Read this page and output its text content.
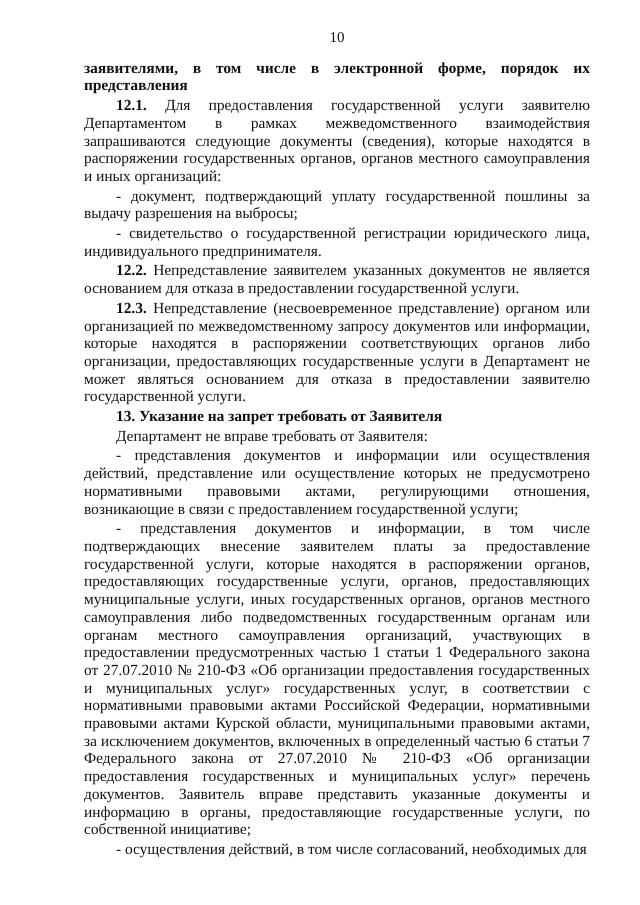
10

заявителями, в том числе в электронной форме, порядок их представления

12.1. Для предоставления государственной услуги заявителю Департаментом в рамках межведомственного взаимодействия запрашиваются следующие документы (сведения), которые находятся в распоряжении государственных органов, органов местного самоуправления и иных организаций:

- документ, подтверждающий уплату государственной пошлины за выдачу разрешения на выбросы;

- свидетельство о государственной регистрации юридического лица, индивидуального предпринимателя.

12.2. Непредставление заявителем указанных документов не является основанием для отказа в предоставлении государственной услуги.

12.3. Непредставление (несвоевременное представление) органом или организацией по межведомственному запросу документов или информации, которые находятся в распоряжении соответствующих органов либо организации, предоставляющих государственные услуги в Департамент не может являться основанием для отказа в предоставлении заявителю государственной услуги.

13. Указание на запрет требовать от Заявителя

Департамент не вправе требовать от Заявителя:

- представления документов и информации или осуществления действий, представление или осуществление которых не предусмотрено нормативными правовыми актами, регулирующими отношения, возникающие в связи с предоставлением государственной услуги;

- представления документов и информации, в том числе подтверждающих внесение заявителем платы за предоставление государственной услуги, которые находятся в распоряжении органов, предоставляющих государственные услуги, органов, предоставляющих муниципальные услуги, иных государственных органов, органов местного самоуправления либо подведомственных государственным органам или органам местного самоуправления организаций, участвующих в предоставлении предусмотренных частью 1 статьи 1 Федерального закона от 27.07.2010 № 210-ФЗ «Об организации предоставления государственных и муниципальных услуг» государственных услуг, в соответствии с нормативными правовыми актами Российской Федерации, нормативными правовыми актами Курской области, муниципальными правовыми актами, за исключением документов, включенных в определенный частью 6 статьи 7 Федерального закона от 27.07.2010 № 210-ФЗ «Об организации предоставления государственных и муниципальных услуг» перечень документов. Заявитель вправе представить указанные документы и информацию в органы, предоставляющие государственные услуги, по собственной инициативе;

- осуществления действий, в том числе согласований, необходимых для
